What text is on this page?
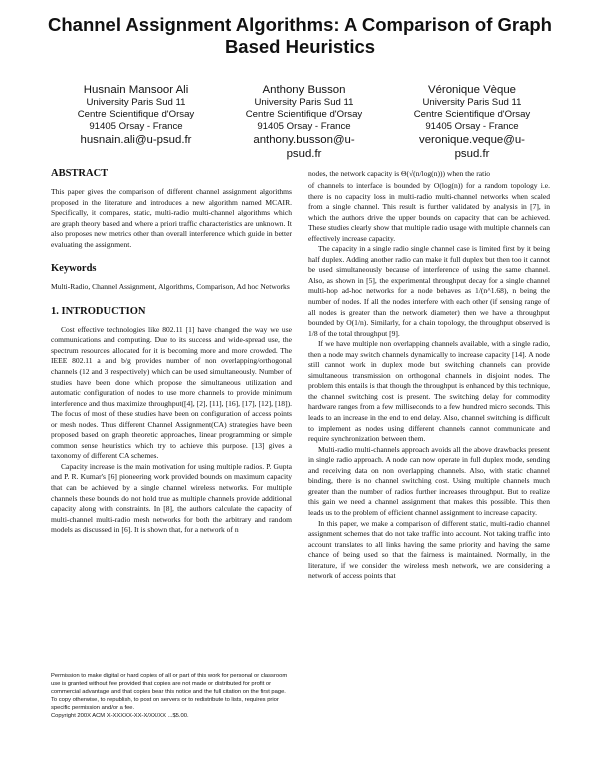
Channel Assignment Algorithms: A Comparison of Graph
Based Heuristics
Husnain Mansoor Ali
University Paris Sud 11
Centre Scientifique d'Orsay
91405 Orsay - France
husnain.ali@u-psud.fr
Anthony Busson
University Paris Sud 11
Centre Scientifique d'Orsay
91405 Orsay - France
anthony.busson@u-
psud.fr
Véronique Vèque
University Paris Sud 11
Centre Scientifique d'Orsay
91405 Orsay - France
veronique.veque@u-
psud.fr
ABSTRACT

This paper gives the comparison of different channel assignment algorithms proposed in the literature and introduces a new algorithm named MCAIR. Specifically, it compares, static, multi-radio multi-channel algorithms which are graph theory based and where a priori traffic characteristics are unknown. It also proposes new metrics other than overall interference which guide in better evaluating the assignment.

Keywords

Multi-Radio, Channel Assignment, Algorithms, Comparison, Ad hoc Networks

1. INTRODUCTION

Cost effective technologies like 802.11 [1] have changed the way we use communications and computing. Due to its success and wide-spread use, the spectrum resources allocated for it is becoming more and more crowded. The IEEE 802.11 a and b/g provides number of non overlapping/orthogonal channels (12 and 3 respectively) which can be used simultaneously. Number of studies have been done which propose the simultaneous utilization and automatic configuration of nodes to use more channels to provide minimum interference and thus maximize throughput([4], [2], [11], [16], [17], [12], [18]). The focus of most of these studies have been on configuration of access points or mesh nodes. Thus different Channel Assignment(CA) strategies have been proposed based on graph theoretic approaches, linear programming or simple common sense heuristics which try to achieve this purpose. [13] gives a taxonomy of different CA schemes.

Capacity increase is the main motivation for using multiple radios. P. Gupta and P. R. Kumar's [6] pioneering work provided bounds on maximum capacity that can be achieved by a single channel wireless networks. For multiple channels these bounds do not hold true as multiple channels provide additional capacity along with constraints. In [8], the authors calculate the capacity of multi-channel multi-radio mesh networks for both the arbitrary and random models as discussed in [6]. It is shown that, for a network of n

Permission to make digital or hard copies of all or part of this work for personal or classroom use is granted without fee provided that copies are not made or distributed for profit or commercial advantage and that copies bear this notice and the full citation on the first page. To copy otherwise, to republish, to post on servers or to redistribute to lists, requires prior specific permission and/or a fee.

Copyright 200X ACM X-XXXXX-XX-X/XX/XX ...$5.00.

nodes, the network capacity is Θ(√(n/log(n))) when the ratio

of channels to interface is bounded by O(log(n)) for a random topology i.e. there is no capacity loss in multi-radio multi-channel networks when scaled from a single channel. This result is further validated by analysis in [7], in which the authors drive the upper bounds on capacity that can be achieved. These studies clearly show that multiple radio usage with multiple channels can effectively increase capacity.

The capacity in a single radio single channel case is limited first by it being half duplex. Adding another radio can make it full duplex but then too it cannot be used simultaneously because of interference of using the same channel. Also, as shown in [5], the experimental throughput decay for a single channel multi-hop ad-hoc networks for a node behaves as 1/(n^1.68), n being the number of nodes. If all the nodes interfere with each other (if sensing range of all nodes is greater than the network diameter) then we have a throughput bounded by O(1/n). Similarly, for a chain topology, the throughput observed is 1/8 of the total throughput [9].

If we have multiple non overlapping channels available, with a single radio, then a node may switch channels dynamically to increase capacity [14]. A node still cannot work in duplex mode but switching channels can provide simultaneous transmission on orthogonal channels in disjoint nodes. The problem this entails is that though the throughput is enhanced by this technique, the channel switching cost is present. The switching delay for commodity hardware ranges from a few milliseconds to a few hundred micro seconds. This leads to an increase in the end to end delay. Also, channel switching is difficult to implement as nodes using different channels cannot communicate and require synchronization between them.

Multi-radio multi-channels approach avoids all the above drawbacks present in single radio approach. A node can now operate in full duplex mode, sending and receiving data on non overlapping channels. Also, with static channel binding, there is no channel switching cost. Using multiple channels much greater than the number of radios further increases throughput. But to realize this gain we need a channel assignment that makes this possible. This then leads us to the problem of efficient channel assignment to increase capacity.

In this paper, we make a comparison of different static, multi-radio channel assignment schemes that do not take traffic into account. Not taking traffic into account translates to all links having the same priority and having the same chance of being used so that the fairness is maintained. Normally, in the literature, if we consider the wireless mesh network, we are considering a network of access points that
